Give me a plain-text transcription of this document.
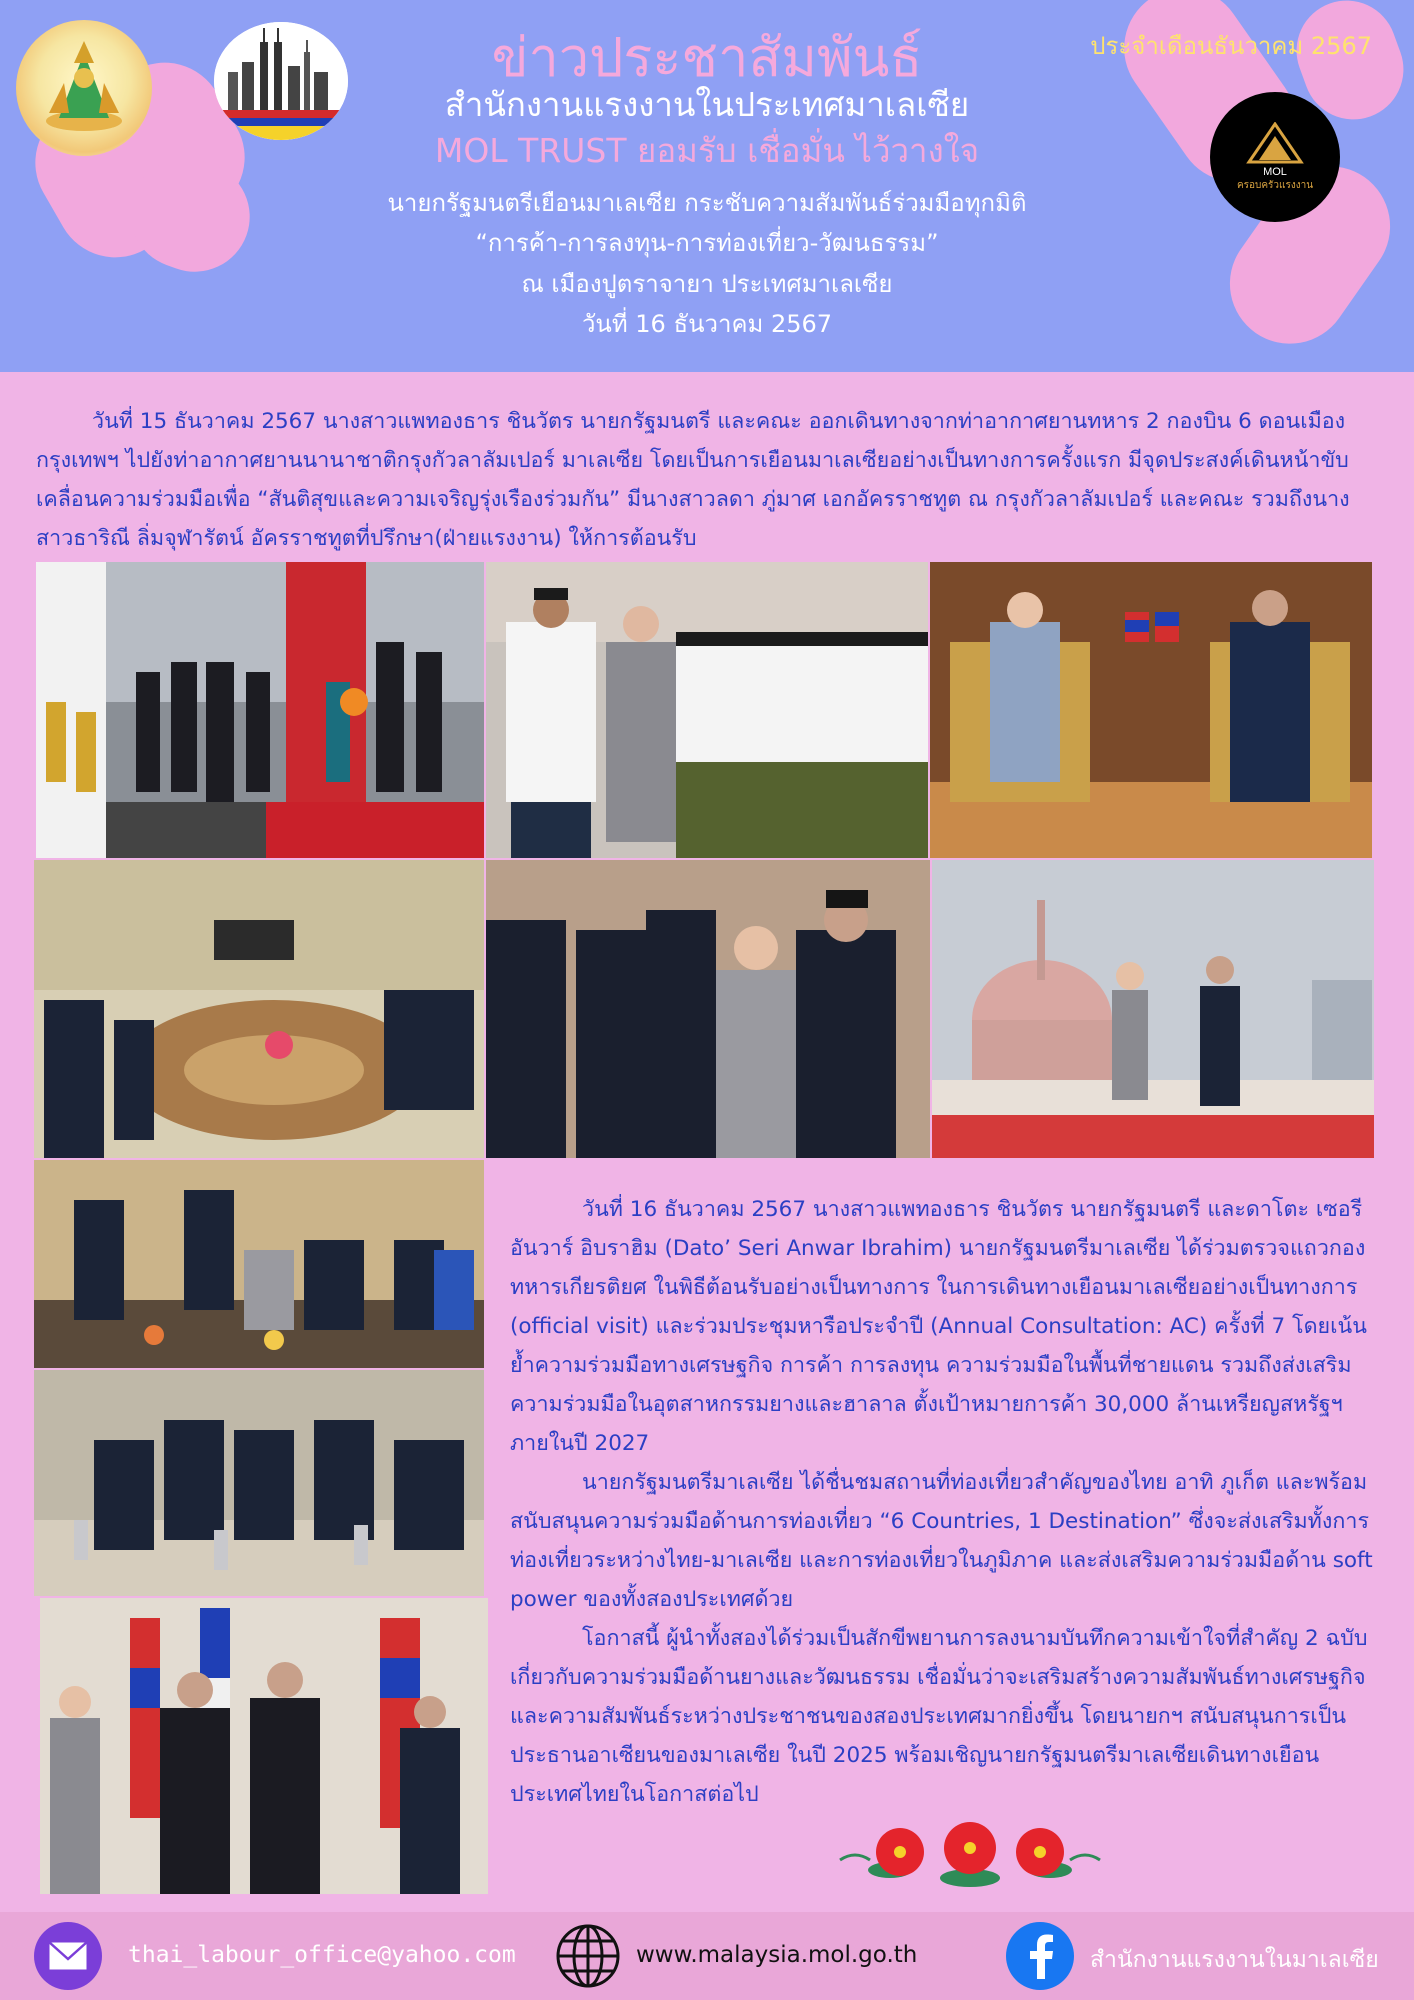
ข่าวประชาสัมพันธ์
สำนักงานแรงงานในประเทศมาเลเซีย
MOL TRUST ยอมรับ เชื่อมั่น ไว้วางใจ
นายกรัฐมนตรีเยือนมาเลเซีย กระชับความสัมพันธ์ร่วมมือทุกมิติ
“การค้า-การลงทุน-การท่องเที่ยว-วัฒนธรรม”
ณ เมืองปูตราจายา ประเทศมาเลเซีย
วันที่ 16 ธันวาคม 2567
ประจำเดือนธันวาคม 2567
MOL
ครอบครัวแรงงาน

วันที่ 15 ธันวาคม 2567 นางสาวแพทองธาร ชินวัตร นายกรัฐมนตรี และคณะ ออกเดินทางจากท่าอากาศยานทหาร 2 กองบิน 6 ดอนเมือง กรุงเทพฯ ไปยังท่าอากาศยานนานาชาติกรุงกัวลาลัมเปอร์ มาเลเซีย โดยเป็นการเยือนมาเลเซียอย่างเป็นทางการครั้งแรก มีจุดประสงค์เดินหน้าขับเคลื่อนความร่วมมือเพื่อ “สันติสุขและความเจริญรุ่งเรืองร่วมกัน” มีนางสาวลดา ภู่มาศ เอกอัครราชทูต ณ กรุงกัวลาลัมเปอร์ และคณะ รวมถึงนางสาวธาริณี ลิ่มจุฬารัตน์ อัครราชทูตที่ปรึกษา(ฝ่ายแรงงาน) ให้การต้อนรับ

วันที่ 16 ธันวาคม 2567 นางสาวแพทองธาร ชินวัตร นายกรัฐมนตรี และดาโตะ เซอรี อันวาร์ อิบราฮิม (Dato’ Seri Anwar Ibrahim) นายกรัฐมนตรีมาเลเซีย ได้ร่วมตรวจแถวกองทหารเกียรติยศ ในพิธีต้อนรับอย่างเป็นทางการ ในการเดินทางเยือนมาเลเซียอย่างเป็นทางการ (official visit) และร่วมประชุมหารือประจำปี (Annual Consultation: AC) ครั้งที่ 7 โดยเน้นย้ำความร่วมมือทางเศรษฐกิจ การค้า การลงทุน ความร่วมมือในพื้นที่ชายแดน รวมถึงส่งเสริมความร่วมมือในอุตสาหกรรมยางและฮาลาล ตั้งเป้าหมายการค้า 30,000 ล้านเหรียญสหรัฐฯ ภายในปี 2027

นายกรัฐมนตรีมาเลเซีย ได้ชื่นชมสถานที่ท่องเที่ยวสำคัญของไทย อาทิ ภูเก็ต และพร้อมสนับสนุนความร่วมมือด้านการท่องเที่ยว “6 Countries, 1 Destination” ซึ่งจะส่งเสริมทั้งการท่องเที่ยวระหว่างไทย-มาเลเซีย และการท่องเที่ยวในภูมิภาค และส่งเสริมความร่วมมือด้าน soft power ของทั้งสองประเทศด้วย

โอกาสนี้ ผู้นำทั้งสองได้ร่วมเป็นสักขีพยานการลงนามบันทึกความเข้าใจที่สำคัญ 2 ฉบับ เกี่ยวกับความร่วมมือด้านยางและวัฒนธรรม เชื่อมั่นว่าจะเสริมสร้างความสัมพันธ์ทางเศรษฐกิจ และความสัมพันธ์ระหว่างประชาชนของสองประเทศมากยิ่งขึ้น โดยนายกฯ สนับสนุนการเป็นประธานอาเซียนของมาเลเซีย ในปี 2025 พร้อมเชิญนายกรัฐมนตรีมาเลเซียเดินทางเยือนประเทศไทยในโอกาสต่อไป

thai_labour_office@yahoo.com	www.malaysia.mol.go.th	สำนักงานแรงงานในมาเลเซีย
